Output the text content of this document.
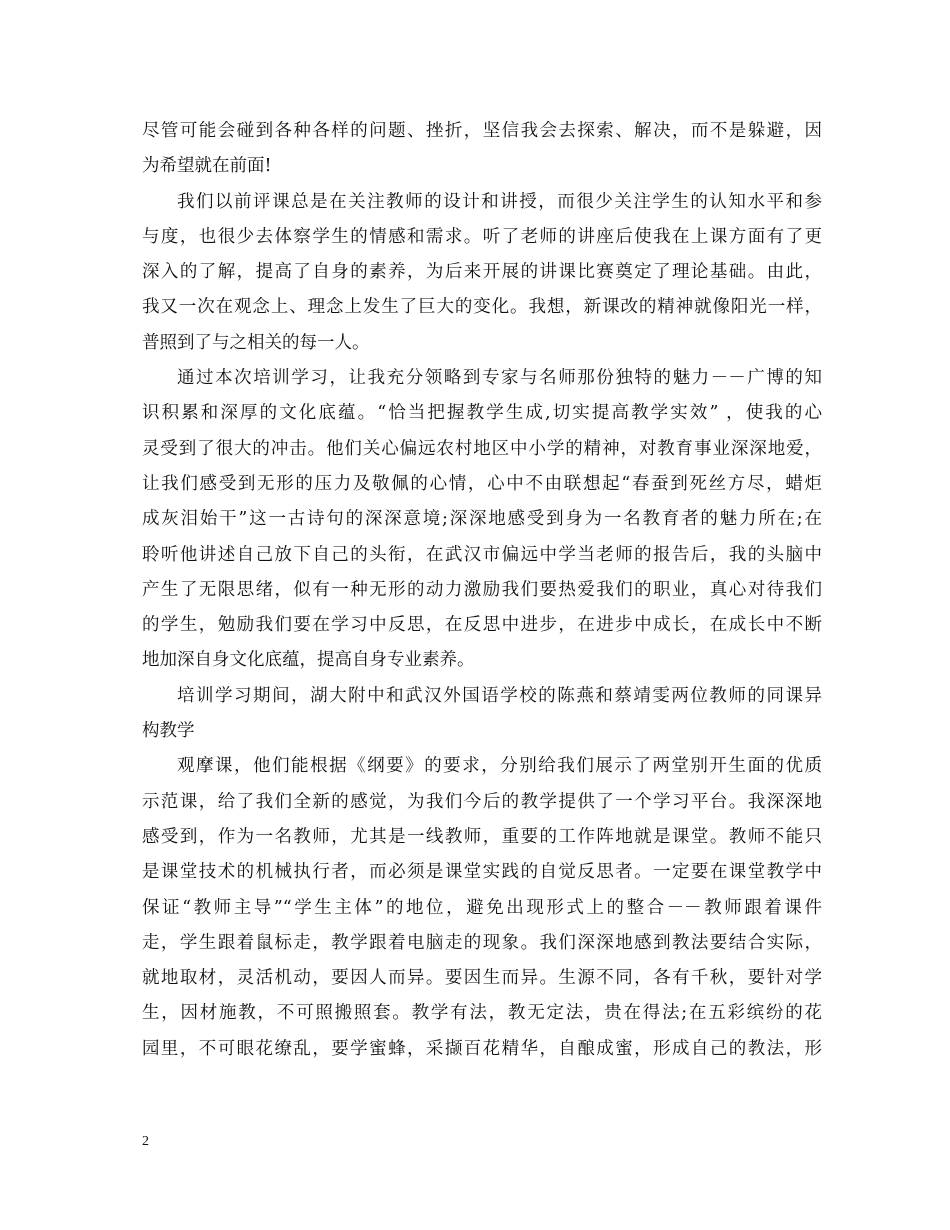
尽管可能会碰到各种各样的问题、挫折，坚信我会去探索、解决，而不是躲避，因
为希望就在前面!
我们以前评课总是在关注教师的设计和讲授，而很少关注学生的认知水平和参
与度，也很少去体察学生的情感和需求。听了老师的讲座后使我在上课方面有了更
深入的了解，提高了自身的素养，为后来开展的讲课比赛奠定了理论基础。由此，
我又一次在观念上、理念上发生了巨大的变化。我想，新课改的精神就像阳光一样，
普照到了与之相关的每一人。
通过本次培训学习，让我充分领略到专家与名师那份独特的魅力－－广博的知
识积累和深厚的文化底蕴。“恰当把握教学生成,切实提高教学实效” ，使我的心
灵受到了很大的冲击。他们关心偏远农村地区中小学的精神，对教育事业深深地爱，
让我们感受到无形的压力及敬佩的心情，心中不由联想起“春蚕到死丝方尽，蜡炬
成灰泪始干”这一古诗句的深深意境;深深地感受到身为一名教育者的魅力所在;在
聆听他讲述自己放下自己的头衔，在武汉市偏远中学当老师的报告后，我的头脑中
产生了无限思绪，似有一种无形的动力激励我们要热爱我们的职业，真心对待我们
的学生，勉励我们要在学习中反思，在反思中进步，在进步中成长，在成长中不断
地加深自身文化底蕴，提高自身专业素养。
培训学习期间，湖大附中和武汉外国语学校的陈燕和蔡靖雯两位教师的同课异
构教学
观摩课，他们能根据《纲要》的要求，分别给我们展示了两堂别开生面的优质
示范课，给了我们全新的感觉，为我们今后的教学提供了一个学习平台。我深深地
感受到，作为一名教师，尤其是一线教师，重要的工作阵地就是课堂。教师不能只
是课堂技术的机械执行者，而必须是课堂实践的自觉反思者。一定要在课堂教学中
保证“教师主导”“学生主体”的地位，避免出现形式上的整合－－教师跟着课件
走，学生跟着鼠标走，教学跟着电脑走的现象。我们深深地感到教法要结合实际，
就地取材，灵活机动，要因人而异。要因生而异。生源不同，各有千秋，要针对学
生，因材施教，不可照搬照套。教学有法，教无定法，贵在得法;在五彩缤纷的花
园里，不可眼花缭乱，要学蜜蜂，采撷百花精华，自酿成蜜，形成自己的教法，形
2
